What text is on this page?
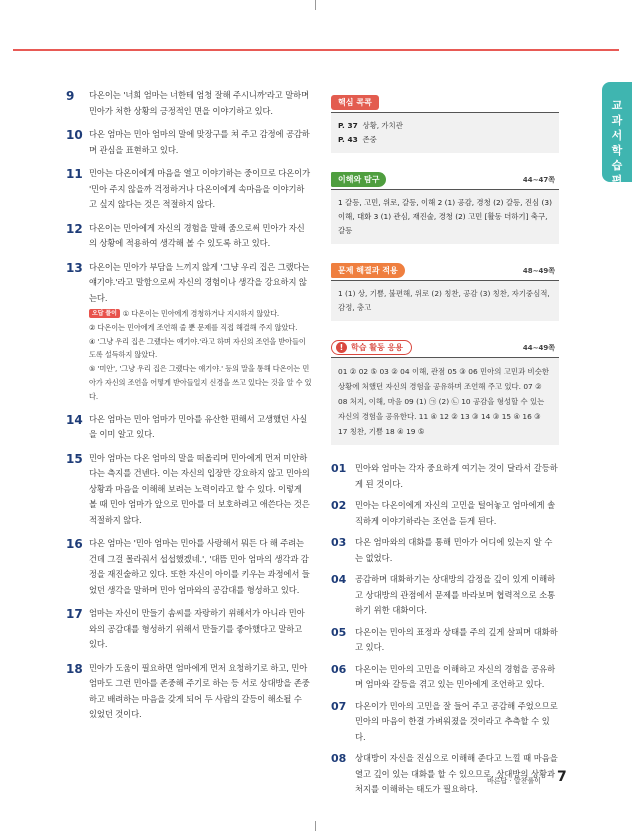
교과서 학습편
9	다온이는 '너희 엄마는 너한테 엄청 잘해 주시니까'라고 말하며 민아가 처한 상황의 긍정적인 면을 이야기하고 있다.
10 다온 엄마는 민아 엄마의 말에 맞장구를 쳐 주고 감정에 공감하며 관심을 표현하고 있다.
11 민아는 다온이에게 마음을 열고 이야기하는 중이므로 다온이가 '민아 주지 않을까 걱정하거나 다온이에게 속마음을 이야기하고 싶지 않다는 것은 적절하지 않다.
12 다온이는 민아에게 자신의 경험을 말해 줌으로써 민아가 자신의 상황에 적용하여 생각해 볼 수 있도록 하고 있다.
13 다온이는 민아가 부담을 느끼지 않게 '그냥 우리 집은 그랬다는 얘기야.'라고 말함으로써 자신의 경험이나 생각을 강요하지 않는다.
오답 풀이 ① 다온이는 민아에게 경청하거나 지시하지 않았다.
② 다온이는 민아에게 조언해 줄 뿐 문제를 직접 해결해 주지 않았다.
④ '그냥 우리 집은 그랬다는 얘기야.'라고 하며 자신의 조언을 받아들이도록 설득하지 않았다.
⑤ '미안', '그냥 우리 집은 그랬다는 얘기야.' 등의 말을 통해 다온이는 민아가 자신의 조언을 어떻게 받아들일지 신경을 쓰고 있다는 것을 알 수 있다.
14 다온 엄마는 민아 엄마가 민아를 유산한 편해서 고생했던 사실을 이미 알고 있다.
15 민아 엄마는 다온 엄마의 말을 떠올리며 민아에게 먼저 미안하다는 측지를 건넨다. 이는 자신의 입장만 강요하지 않고 민아의 상황과 마음을 이해해 보려는 노력이라고 할 수 있다. 이렇게 볼 때 민아 엄마가 앞으로 민아를 더 보호하려고 애쓴다는 것은 적절하지 않다.
16 다온 엄마는 '민아 엄마는 민아를 사랑해서 뭐든 다 해 주려는 건데 그걸 몰라줘서 섭섭했겠네.', '대뜸 민아 엄마의 생각과 감정을 재진술하고 있다. 또한 자신이 아이를 키우는 과정에서 들었던 생각을 말하며 민아 엄마와의 공감대를 형성하고 있다.
17 엄마는 자신이 만들기 솜씨를 자랑하기 위해서가 아니라 민아와의 공감대를 형성하기 위해서 만들기를 좋아했다고 말하고 있다.
18 민아가 도움이 필요하면 엄마에게 먼저 요청하기로 하고, 민아 엄마도 그런 민아를 존중해 주기로 하는 등 서로 상대방을 존중하고 배려하는 마음을 갖게 되어 두 사람의 갈등이 해소될 수 있었던 것이다.
핵심 콕콕
P. 37 상황, 가치관
P. 43 존중
이해와 탐구	44~47쪽
1 갈등, 고민, 위로, 갈등, 이해 2 (1) 공감, 경청 (2) 갈등, 진심 (3) 이해, 대화 3 (1) 관심, 재진술, 경청 (2) 고민 [활동 더하기] 축구, 갈등
문제 해결과 적용	48~49쪽
1 (1) 상, 기쁨, 불편해, 위로 (2) 칭찬, 공감 (3) 칭찬, 자기중심적, 감정, 충고
! 학습 활동 응용	44~49쪽
01 ② 02 ⑤ 03 ② 04 이해, 관점 05 ③ 06 민아의 고민과 비슷한 상황에 처했던 자신의 경험을 공유하며 조언해 주고 있다. 07 ② 08 처지, 이해, 마음 09 (1) ㉠ (2) ㉡ 10 공감을 형성할 수 있는 자신의 경험을 공유한다. 11 ④ 12 ② 13 ③ 14 ③ 15 ④ 16 ③ 17 칭찬, 기쁨 18 ④ 19 ⑤
01	민아와 엄마는 각자 중요하게 여기는 것이 달라서 갈등하게 된 것이다.
02	민아는 다온이에게 자신의 고민을 털어놓고 엄마에게 솔직하게 이야기하라는 조언을 듣게 된다.
03	다온 엄마와의 대화를 통해 민아가 어디에 있는지 알 수는 없었다.
04	공감하며 대화하기는 상대방의 감정을 깊이 있게 이해하고 상대방의 관점에서 문제를 바라보며 협력적으로 소통하기 위한 대화이다.
05	다온이는 민아의 표정과 상태를 주의 깊게 살피며 대화하고 있다.
06	다온이는 민아의 고민을 이해하고 자신의 경험을 공유하며 엄마와 갈등을 겪고 있는 민아에게 조언하고 있다.
07	다온이가 민아의 고민을 잘 들어 주고 공감해 주었으므로 민아의 마음이 한결 가벼워졌을 것이라고 추측할 수 있다.
08	상대방이 자신을 진심으로 이해해 준다고 느낄 때 마음을 열고 깊이 있는 대화를 할 수 있으므로, 상대방의 상황과 처지를 이해하는 태도가 필요하다.
바른답 · 알찬풀이 7
